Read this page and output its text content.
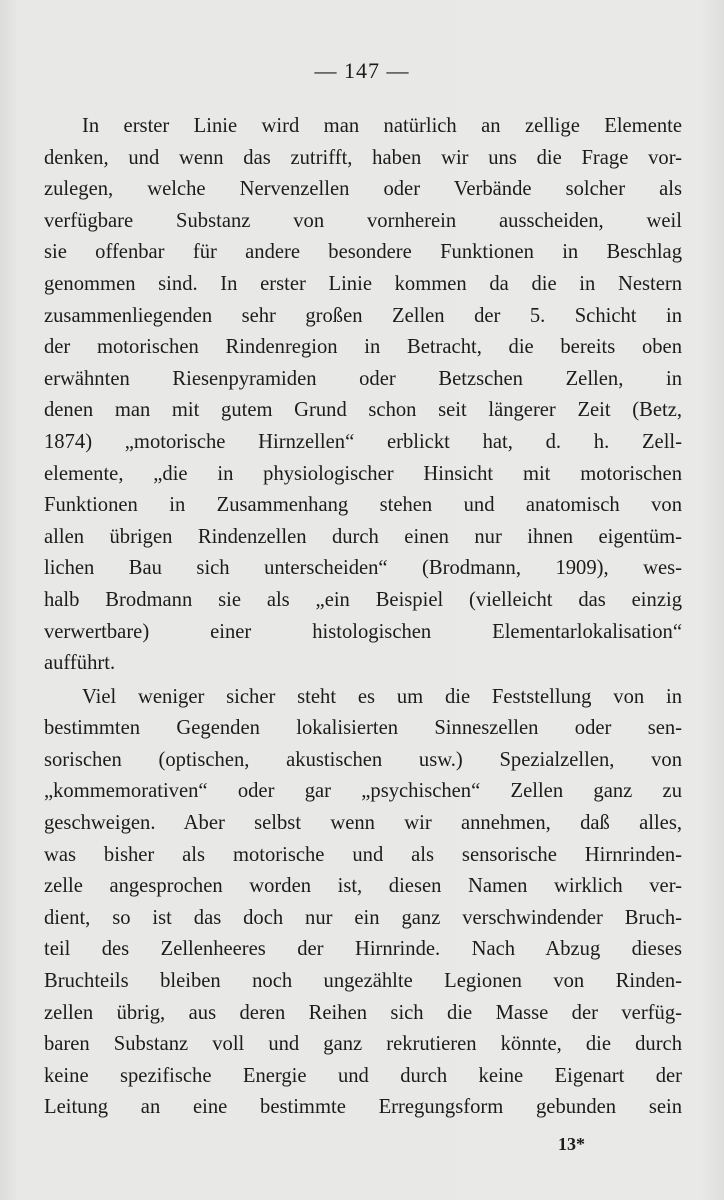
— 147 —
In erster Linie wird man natürlich an zellige Elemente
denken, und wenn das zutrifft, haben wir uns die Frage vor-
zulegen, welche Nervenzellen oder Verbände solcher als
verfügbare Substanz von vornherein ausscheiden, weil
sie offenbar für andere besondere Funktionen in Beschlag
genommen sind. In erster Linie kommen da die in Nestern
zusammenliegenden sehr großen Zellen der 5. Schicht in
der motorischen Rindenregion in Betracht, die bereits oben
erwähnten Riesenpyramiden oder Betzschen Zellen, in
denen man mit gutem Grund schon seit längerer Zeit (Betz,
1874) „motorische Hirnzellen“ erblickt hat, d. h. Zell-
elemente, „die in physiologischer Hinsicht mit motorischen
Funktionen in Zusammenhang stehen und anatomisch von
allen übrigen Rindenzellen durch einen nur ihnen eigentüm-
lichen Bau sich unterscheiden“ (Brodmann, 1909), wes-
halb Brodmann sie als „ein Beispiel (vielleicht das einzig
verwertbare) einer histologischen Elementarlokalisation“
aufführt.
Viel weniger sicher steht es um die Feststellung von in
bestimmten Gegenden lokalisierten Sinneszellen oder sen-
sorischen (optischen, akustischen usw.) Spezialzellen, von
„kommemorativen“ oder gar „psychischen“ Zellen ganz zu
geschweigen. Aber selbst wenn wir annehmen, daß alles,
was bisher als motorische und als sensorische Hirnrinden-
zelle angesprochen worden ist, diesen Namen wirklich ver-
dient, so ist das doch nur ein ganz verschwindender Bruch-
teil des Zellenheeres der Hirnrinde. Nach Abzug dieses
Bruchteils bleiben noch ungezählte Legionen von Rinden-
zellen übrig, aus deren Reihen sich die Masse der verfüg-
baren Substanz voll und ganz rekrutieren könnte, die durch
keine spezifische Energie und durch keine Eigenart der
Leitung an eine bestimmte Erregungsform gebunden sein
13*
